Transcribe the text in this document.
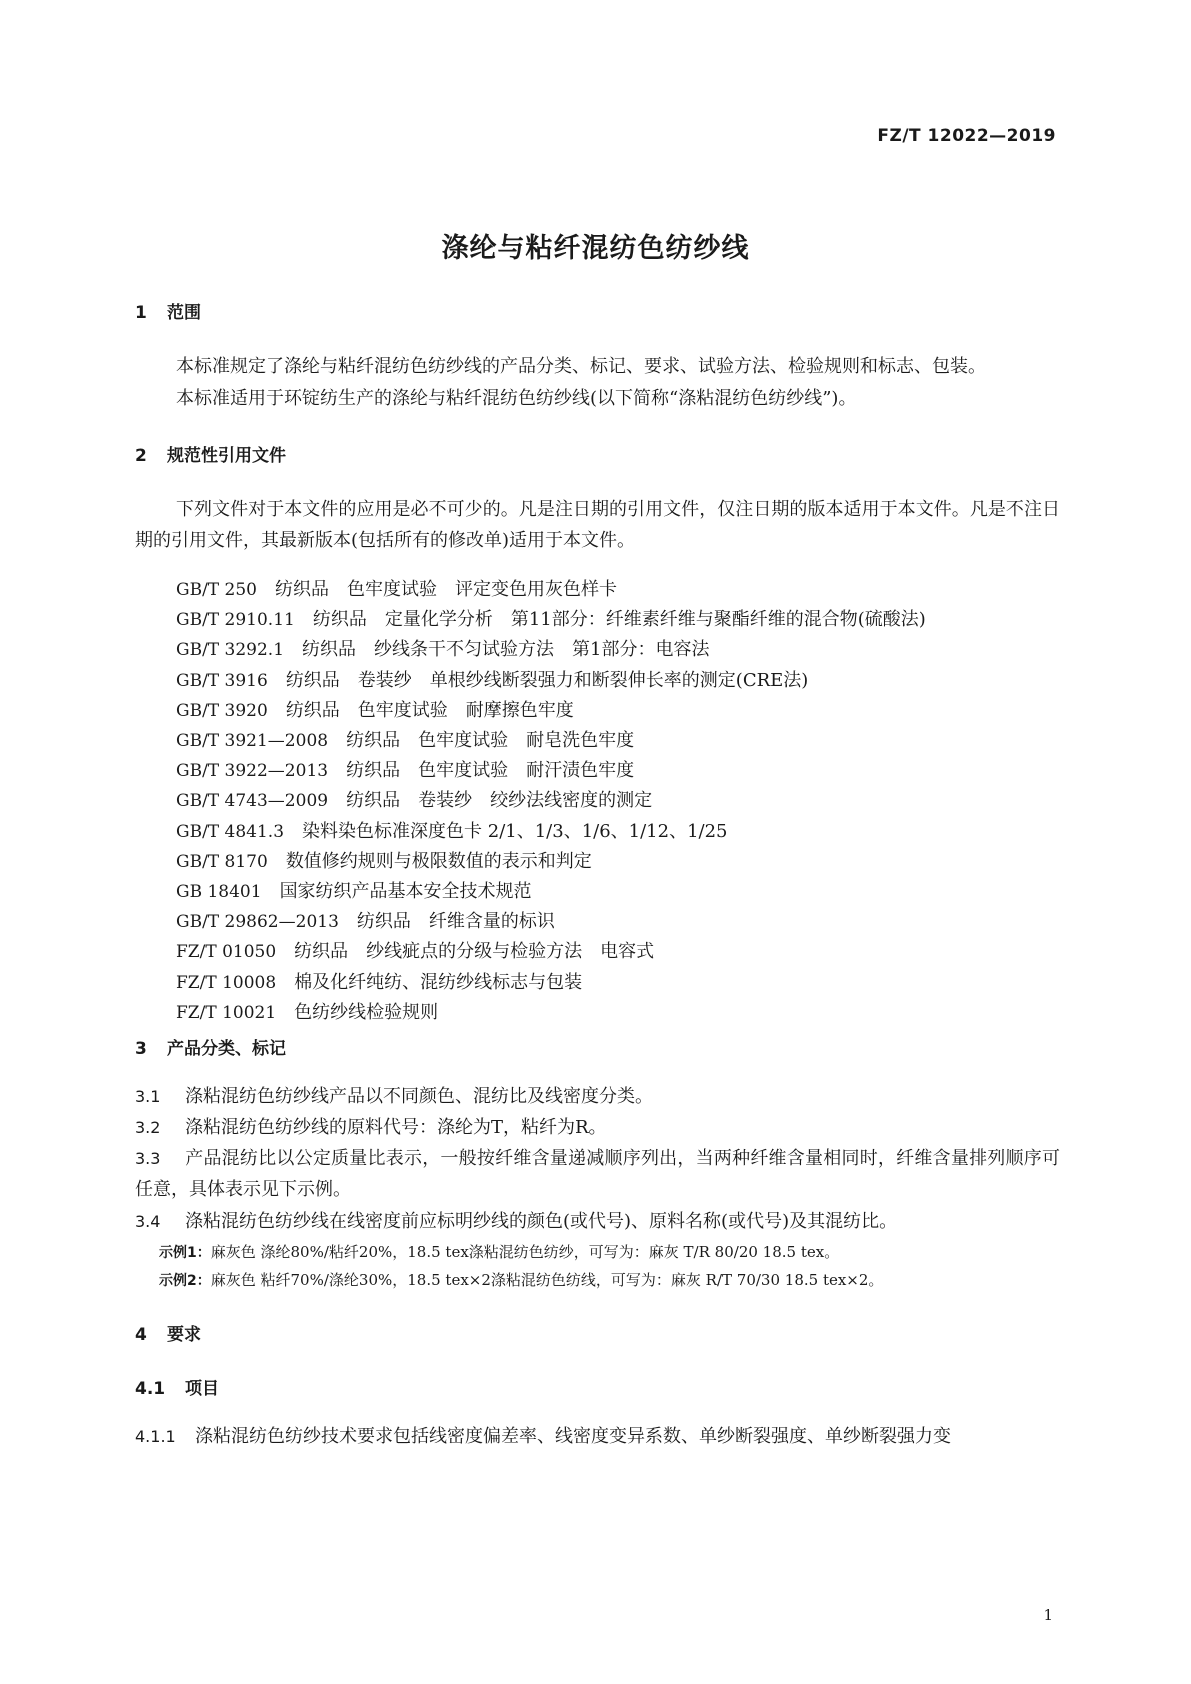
FZ/T 12022—2019
涤纶与粘纤混纺色纺纱线
1 范围
本标准规定了涤纶与粘纤混纺色纺纱线的产品分类、标记、要求、试验方法、检验规则和标志、包装。
本标准适用于环锭纺生产的涤纶与粘纤混纺色纺纱线(以下简称“涤粘混纺色纺纱线”)。
2 规范性引用文件
下列文件对于本文件的应用是必不可少的。凡是注日期的引用文件，仅注日期的版本适用于本文件。凡是不注日期的引用文件，其最新版本(包括所有的修改单)适用于本文件。
GB/T 250　 纺织品　色牢度试验　评定变色用灰色样卡
GB/T 2910.11　 纺织品　定量化学分析　第11部分：纤维素纤维与聚酯纤维的混合物(硫酸法)
GB/T 3292.1　 纺织品　纱线条干不匀试验方法　第1部分：电容法
GB/T 3916　 纺织品　卷装纱　单根纱线断裂强力和断裂伸长率的测定(CRE法)
GB/T 3920　 纺织品　色牢度试验　耐摩擦色牢度
GB/T 3921—2008　 纺织品　色牢度试验　耐皂洗色牢度
GB/T 3922—2013　 纺织品　色牢度试验　耐汗渍色牢度
GB/T 4743—2009　 纺织品　卷装纱　绞纱法线密度的测定
GB/T 4841.3　 染料染色标准深度色卡 2/1、1/3、1/6、1/12、1/25
GB/T 8170　 数值修约规则与极限数值的表示和判定
GB 18401　 国家纺织产品基本安全技术规范
GB/T 29862—2013　 纺织品　纤维含量的标识
FZ/T 01050　 纺织品　纱线疵点的分级与检验方法　电容式
FZ/T 10008　 棉及化纤纯纺、混纺纱线标志与包装
FZ/T 10021　 色纺纱线检验规则
3 产品分类、标记
3.1 涤粘混纺色纺纱线产品以不同颜色、混纺比及线密度分类。
3.2 涤粘混纺色纺纱线的原料代号：涤纶为T，粘纤为R。
3.3 产品混纺比以公定质量比表示，一般按纤维含量递减顺序列出，当两种纤维含量相同时，纤维含量排列顺序可任意，具体表示见下示例。
3.4 涤粘混纺色纺纱线在线密度前应标明纱线的颜色(或代号)、原料名称(或代号)及其混纺比。
示例1：麻灰色 涤纶80%/粘纤20%，18.5 tex涤粘混纺色纺纱，可写为：麻灰 T/R 80/20 18.5 tex。
示例2：麻灰色 粘纤70%/涤纶30%，18.5 tex×2涤粘混纺色纺线，可写为：麻灰 R/T 70/30 18.5 tex×2。
4 要求
4.1 项目
4.1.1 涤粘混纺色纺纱技术要求包括线密度偏差率、线密度变异系数、单纱断裂强度、单纱断裂强力变
1
